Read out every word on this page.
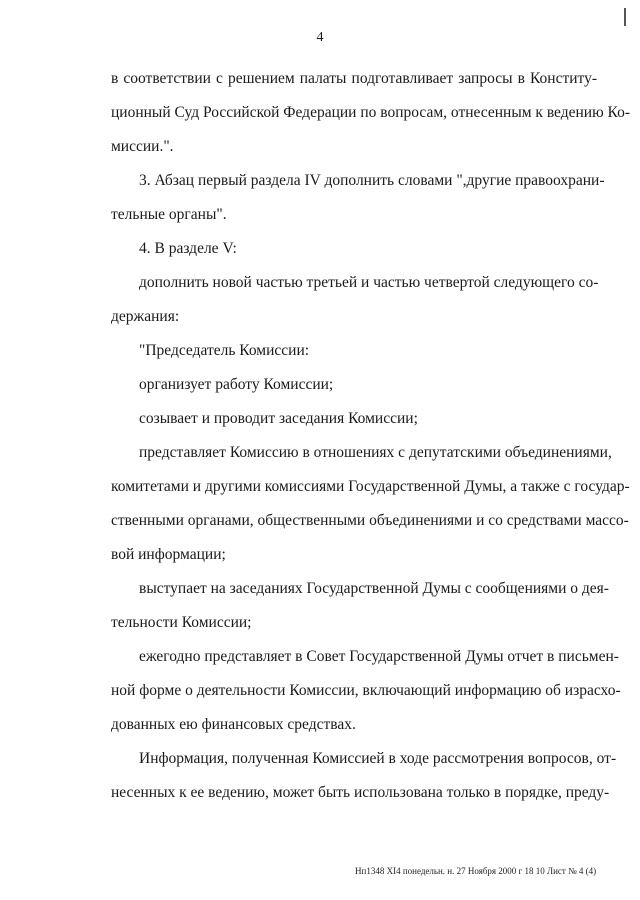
4
в соответствии с решением палаты подготавливает запросы в Конститу-
ционный Суд Российской Федерации по вопросам, отнесенным к ведению Ко-
миссии.".
3. Абзац первый раздела IV дополнить словами ",другие правоохрани-
тельные органы".
4. В разделе V:
дополнить новой частью третьей и частью четвертой следующего со-
держания:
"Председатель Комиссии:
организует работу Комиссии;
созывает и проводит заседания Комиссии;
представляет Комиссию в отношениях с депутатскими объединениями,
комитетами и другими комиссиями Государственной Думы, а также с государ-
ственными органами, общественными объединениями и со средствами массо-
вой информации;
выступает на заседаниях Государственной Думы с сообщениями о дея-
тельности Комиссии;
ежегодно представляет в Совет Государственной Думы отчет в письмен-
ной форме о деятельности Комиссии, включающий информацию об израсхо-
дованных ею финансовых средствах.
Информация, полученная Комиссией в ходе рассмотрения вопросов, от-
несенных к ее ведению, может быть использована только в порядке, преду-
Нп1348 ХI4 понедельн. н. 27 Ноября 2000 г 18 10 Лист № 4 (4)
